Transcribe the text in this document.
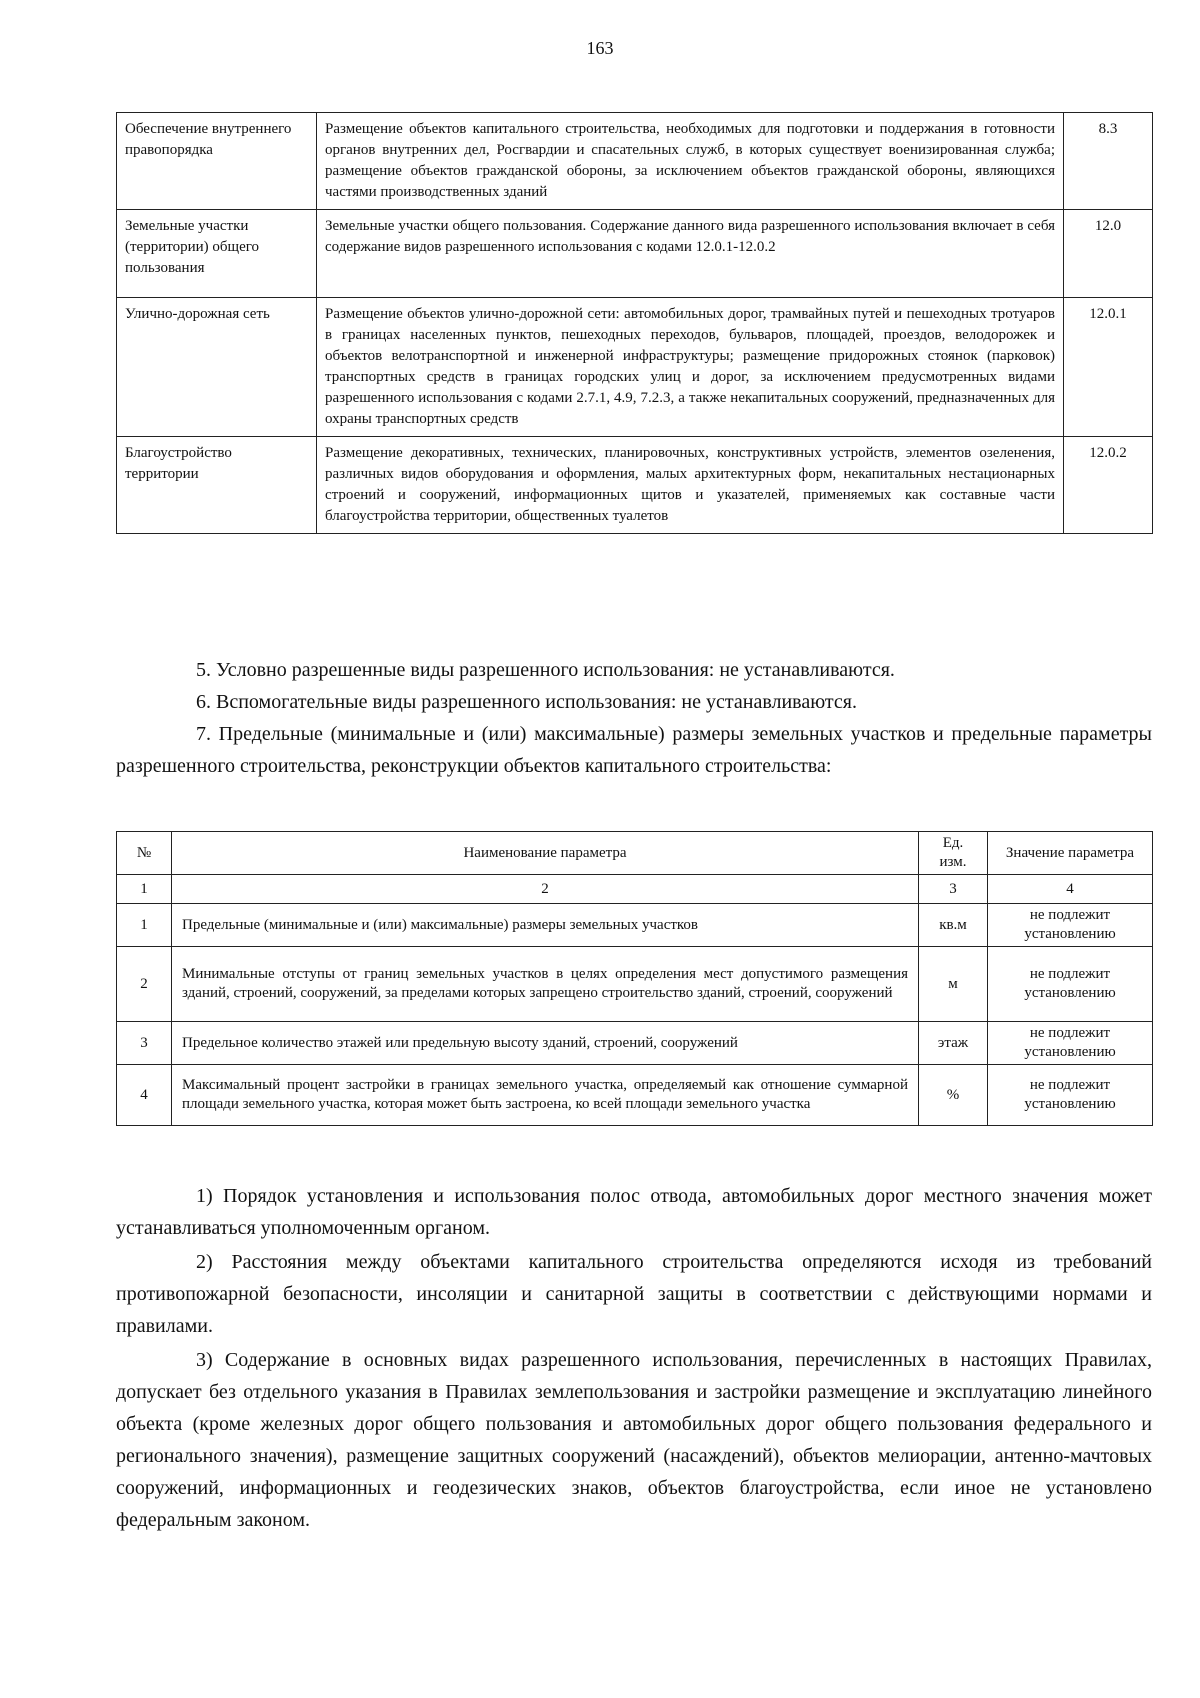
163
Обеспечение внутреннего правопорядка	Размещение объектов капитального строительства, необходимых для подготовки и поддержания в готовности органов внутренних дел, Росгвардии и спасательных служб, в которых существует военизированная служба; размещение объектов гражданской обороны, за исключением объектов гражданской обороны, являющихся частями производственных зданий	8.3
Земельные участки (территории) общего пользования	Земельные участки общего пользования. Содержание данного вида разрешенного использования включает в себя содержание видов разрешенного использования с кодами 12.0.1-12.0.2	12.0
Улично-дорожная сеть	Размещение объектов улично-дорожной сети: автомобильных дорог, трамвайных путей и пешеходных тротуаров в границах населенных пунктов, пешеходных переходов, бульваров, площадей, проездов, велодорожек и объектов велотранспортной и инженерной инфраструктуры; размещение придорожных стоянок (парковок) транспортных средств в границах городских улиц и дорог, за исключением предусмотренных видами разрешенного использования с кодами 2.7.1, 4.9, 7.2.3, а также некапитальных сооружений, предназначенных для охраны транспортных средств	12.0.1
Благоустройство территории	Размещение декоративных, технических, планировочных, конструктивных устройств, элементов озеленения, различных видов оборудования и оформления, малых архитектурных форм, некапитальных нестационарных строений и сооружений, информационных щитов и указателей, применяемых как составные части благоустройства территории, общественных туалетов	12.0.2

5. Условно разрешенные виды разрешенного использования: не устанавливаются.

6. Вспомогательные виды разрешенного использования: не устанавливаются.

7. Предельные (минимальные и (или) максимальные) размеры земельных участков и предельные параметры разрешенного строительства, реконструкции объектов капитального строительства:

№	Наименование параметра	Ед. изм.	Значение параметра
1	2	3	4
1	Предельные (минимальные и (или) максимальные) размеры земельных участков	кв.м	не подлежит установлению
2	Минимальные отступы от границ земельных участков в целях определения мест допустимого размещения зданий, строений, сооружений, за пределами которых запрещено строительство зданий, строений, сооружений	м	не подлежит установлению
3	Предельное количество этажей или предельную высоту зданий, строений, сооружений	этаж	не подлежит установлению
4	Максимальный процент застройки в границах земельного участка, определяемый как отношение суммарной площади земельного участка, которая может быть застроена, ко всей площади земельного участка	%	не подлежит установлению

1) Порядок установления и использования полос отвода, автомобильных дорог местного значения может устанавливаться уполномоченным органом.

2) Расстояния между объектами капитального строительства определяются исходя из требований противопожарной безопасности, инсоляции и санитарной защиты в соответствии с действующими нормами и правилами.

3) Содержание в основных видах разрешенного использования, перечисленных в настоящих Правилах, допускает без отдельного указания в Правилах землепользования и застройки размещение и эксплуатацию линейного объекта (кроме железных дорог общего пользования и автомобильных дорог общего пользования федерального и регионального значения), размещение защитных сооружений (насаждений), объектов мелиорации, антенно-мачтовых сооружений, информационных и геодезических знаков, объектов благоустройства, если иное не установлено федеральным законом.
